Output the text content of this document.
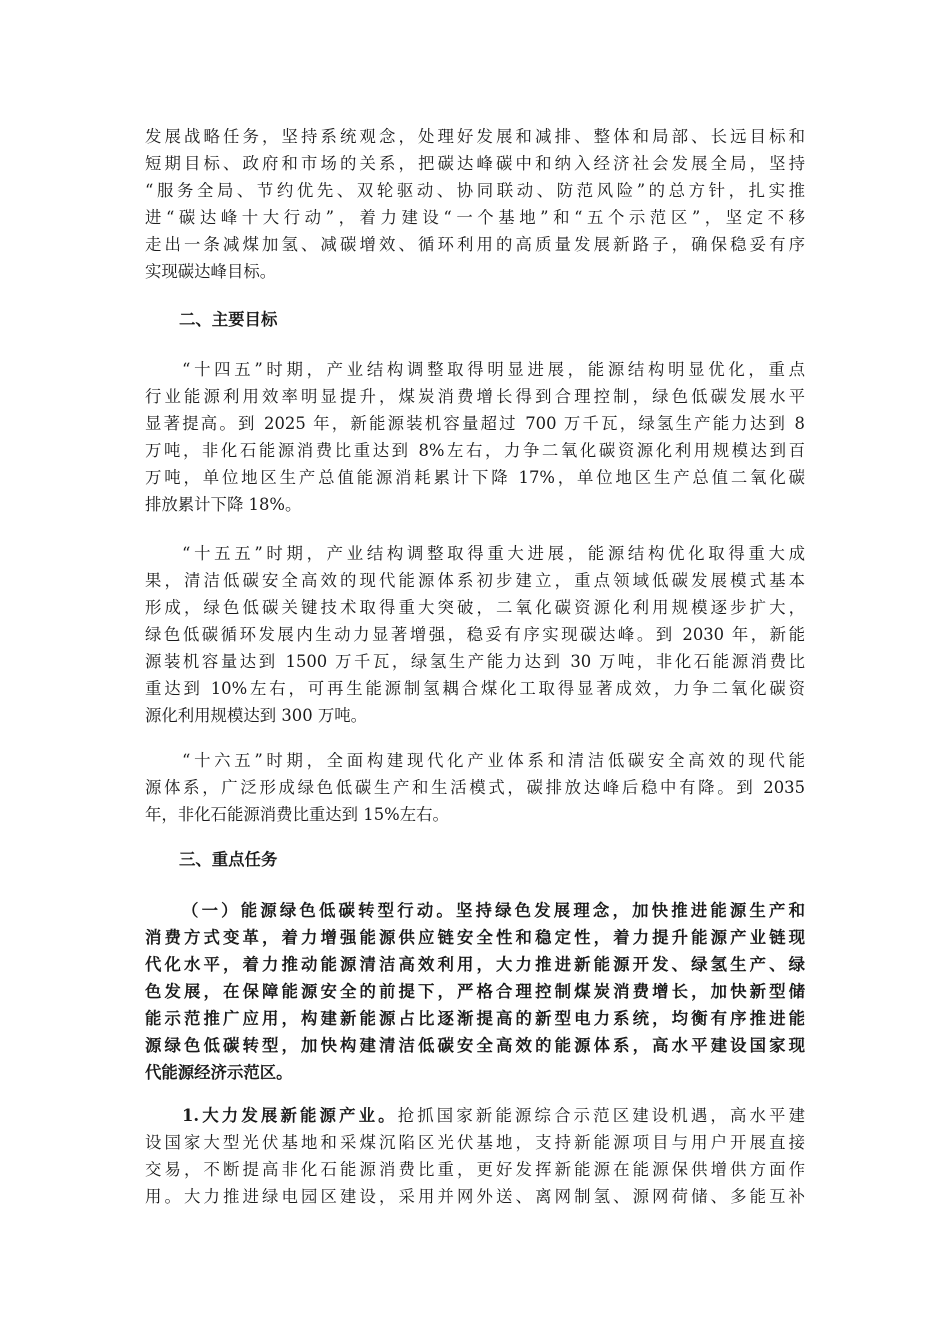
发展战略任务，坚持系统观念，处理好发展和减排、整体和局部、长远目标和
短期目标、政府和市场的关系，把碳达峰碳中和纳入经济社会发展全局，坚持
“服务全局、节约优先、双轮驱动、协同联动、防范风险”的总方针，扎实推
进“碳达峰十大行动”，着力建设“一个基地”和“五个示范区”，坚定不移
走出一条减煤加氢、减碳增效、循环利用的高质量发展新路子，确保稳妥有序
实现碳达峰目标。
二、主要目标
“十四五”时期，产业结构调整取得明显进展，能源结构明显优化，重点
行业能源利用效率明显提升，煤炭消费增长得到合理控制，绿色低碳发展水平
显著提高。到 2025 年，新能源装机容量超过 700 万千瓦，绿氢生产能力达到 8
万吨，非化石能源消费比重达到 8%左右，力争二氧化碳资源化利用规模达到百
万吨，单位地区生产总值能源消耗累计下降 17%，单位地区生产总值二氧化碳
排放累计下降 18%。
“十五五”时期，产业结构调整取得重大进展，能源结构优化取得重大成
果，清洁低碳安全高效的现代能源体系初步建立，重点领域低碳发展模式基本
形成，绿色低碳关键技术取得重大突破，二氧化碳资源化利用规模逐步扩大，
绿色低碳循环发展内生动力显著增强，稳妥有序实现碳达峰。到 2030 年，新能
源装机容量达到 1500 万千瓦，绿氢生产能力达到 30 万吨，非化石能源消费比
重达到 10%左右，可再生能源制氢耦合煤化工取得显著成效，力争二氧化碳资
源化利用规模达到 300 万吨。
“十六五”时期，全面构建现代化产业体系和清洁低碳安全高效的现代能
源体系，广泛形成绿色低碳生产和生活模式，碳排放达峰后稳中有降。到 2035
年，非化石能源消费比重达到 15%左右。
三、重点任务
（一）能源绿色低碳转型行动。坚持绿色发展理念，加快推进能源生产和
消费方式变革，着力增强能源供应链安全性和稳定性，着力提升能源产业链现
代化水平，着力推动能源清洁高效利用，大力推进新能源开发、绿氢生产、绿
色发展，在保障能源安全的前提下，严格合理控制煤炭消费增长，加快新型储
能示范推广应用，构建新能源占比逐渐提高的新型电力系统，均衡有序推进能
源绿色低碳转型，加快构建清洁低碳安全高效的能源体系，高水平建设国家现
代能源经济示范区。
1.大力发展新能源产业。抢抓国家新能源综合示范区建设机遇，高水平建
设国家大型光伏基地和采煤沉陷区光伏基地，支持新能源项目与用户开展直接
交易，不断提高非化石能源消费比重，更好发挥新能源在能源保供增供方面作
用。大力推进绿电园区建设，采用并网外送、离网制氢、源网荷储、多能互补
